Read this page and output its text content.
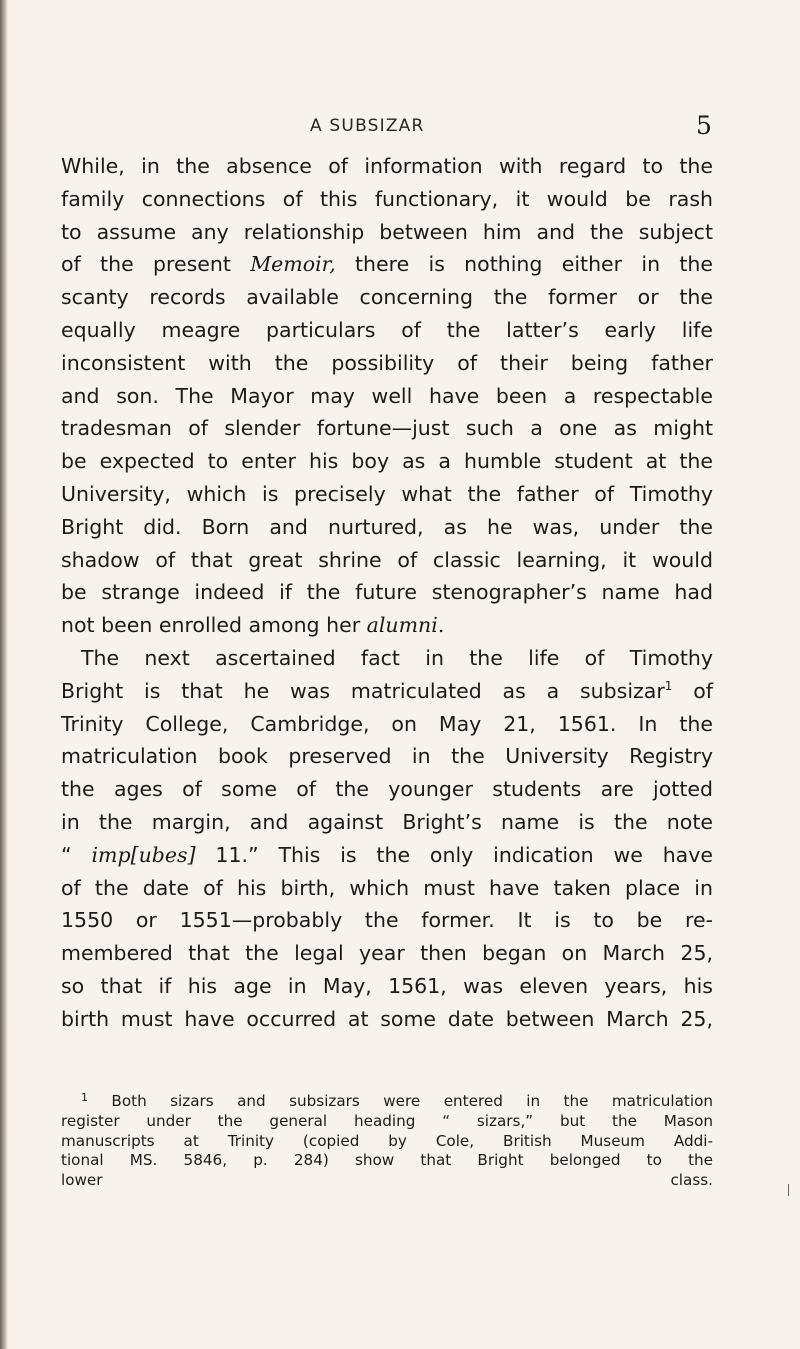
A SUBSIZAR	5
While, in the absence of information with regard to the
family connections of this functionary, it would be rash
to assume any relationship between him and the subject
of the present Memoir, there is nothing either in the
scanty records available concerning the former or the
equally meagre particulars of the latter’s early life
inconsistent with the possibility of their being father
and son. The Mayor may well have been a respectable
tradesman of slender fortune—just such a one as might
be expected to enter his boy as a humble student at the
University, which is precisely what the father of Timothy
Bright did. Born and nurtured, as he was, under the
shadow of that great shrine of classic learning, it would
be strange indeed if the future stenographer’s name had
not been enrolled among her alumni.
The next ascertained fact in the life of Timothy
Bright is that he was matriculated as a subsizar$^1$ of
Trinity College, Cambridge, on May 21, 1561. In the
matriculation book preserved in the University Registry
the ages of some of the younger students are jotted
in the margin, and against Bright’s name is the note
“ imp[ubes] 11.” This is the only indication we have
of the date of his birth, which must have taken place in
1550 or 1551—probably the former. It is to be re-
membered that the legal year then began on March 25,
so that if his age in May, 1561, was eleven years, his
birth must have occurred at some date between March 25,
$^1$ Both sizars and subsizars were entered in the matriculation
register under the general heading “ sizars,” but the Mason
manuscripts at Trinity (copied by Cole, British Museum Addi-
tional MS. 5846, p. 284) show that Bright belonged to the
lower class.
